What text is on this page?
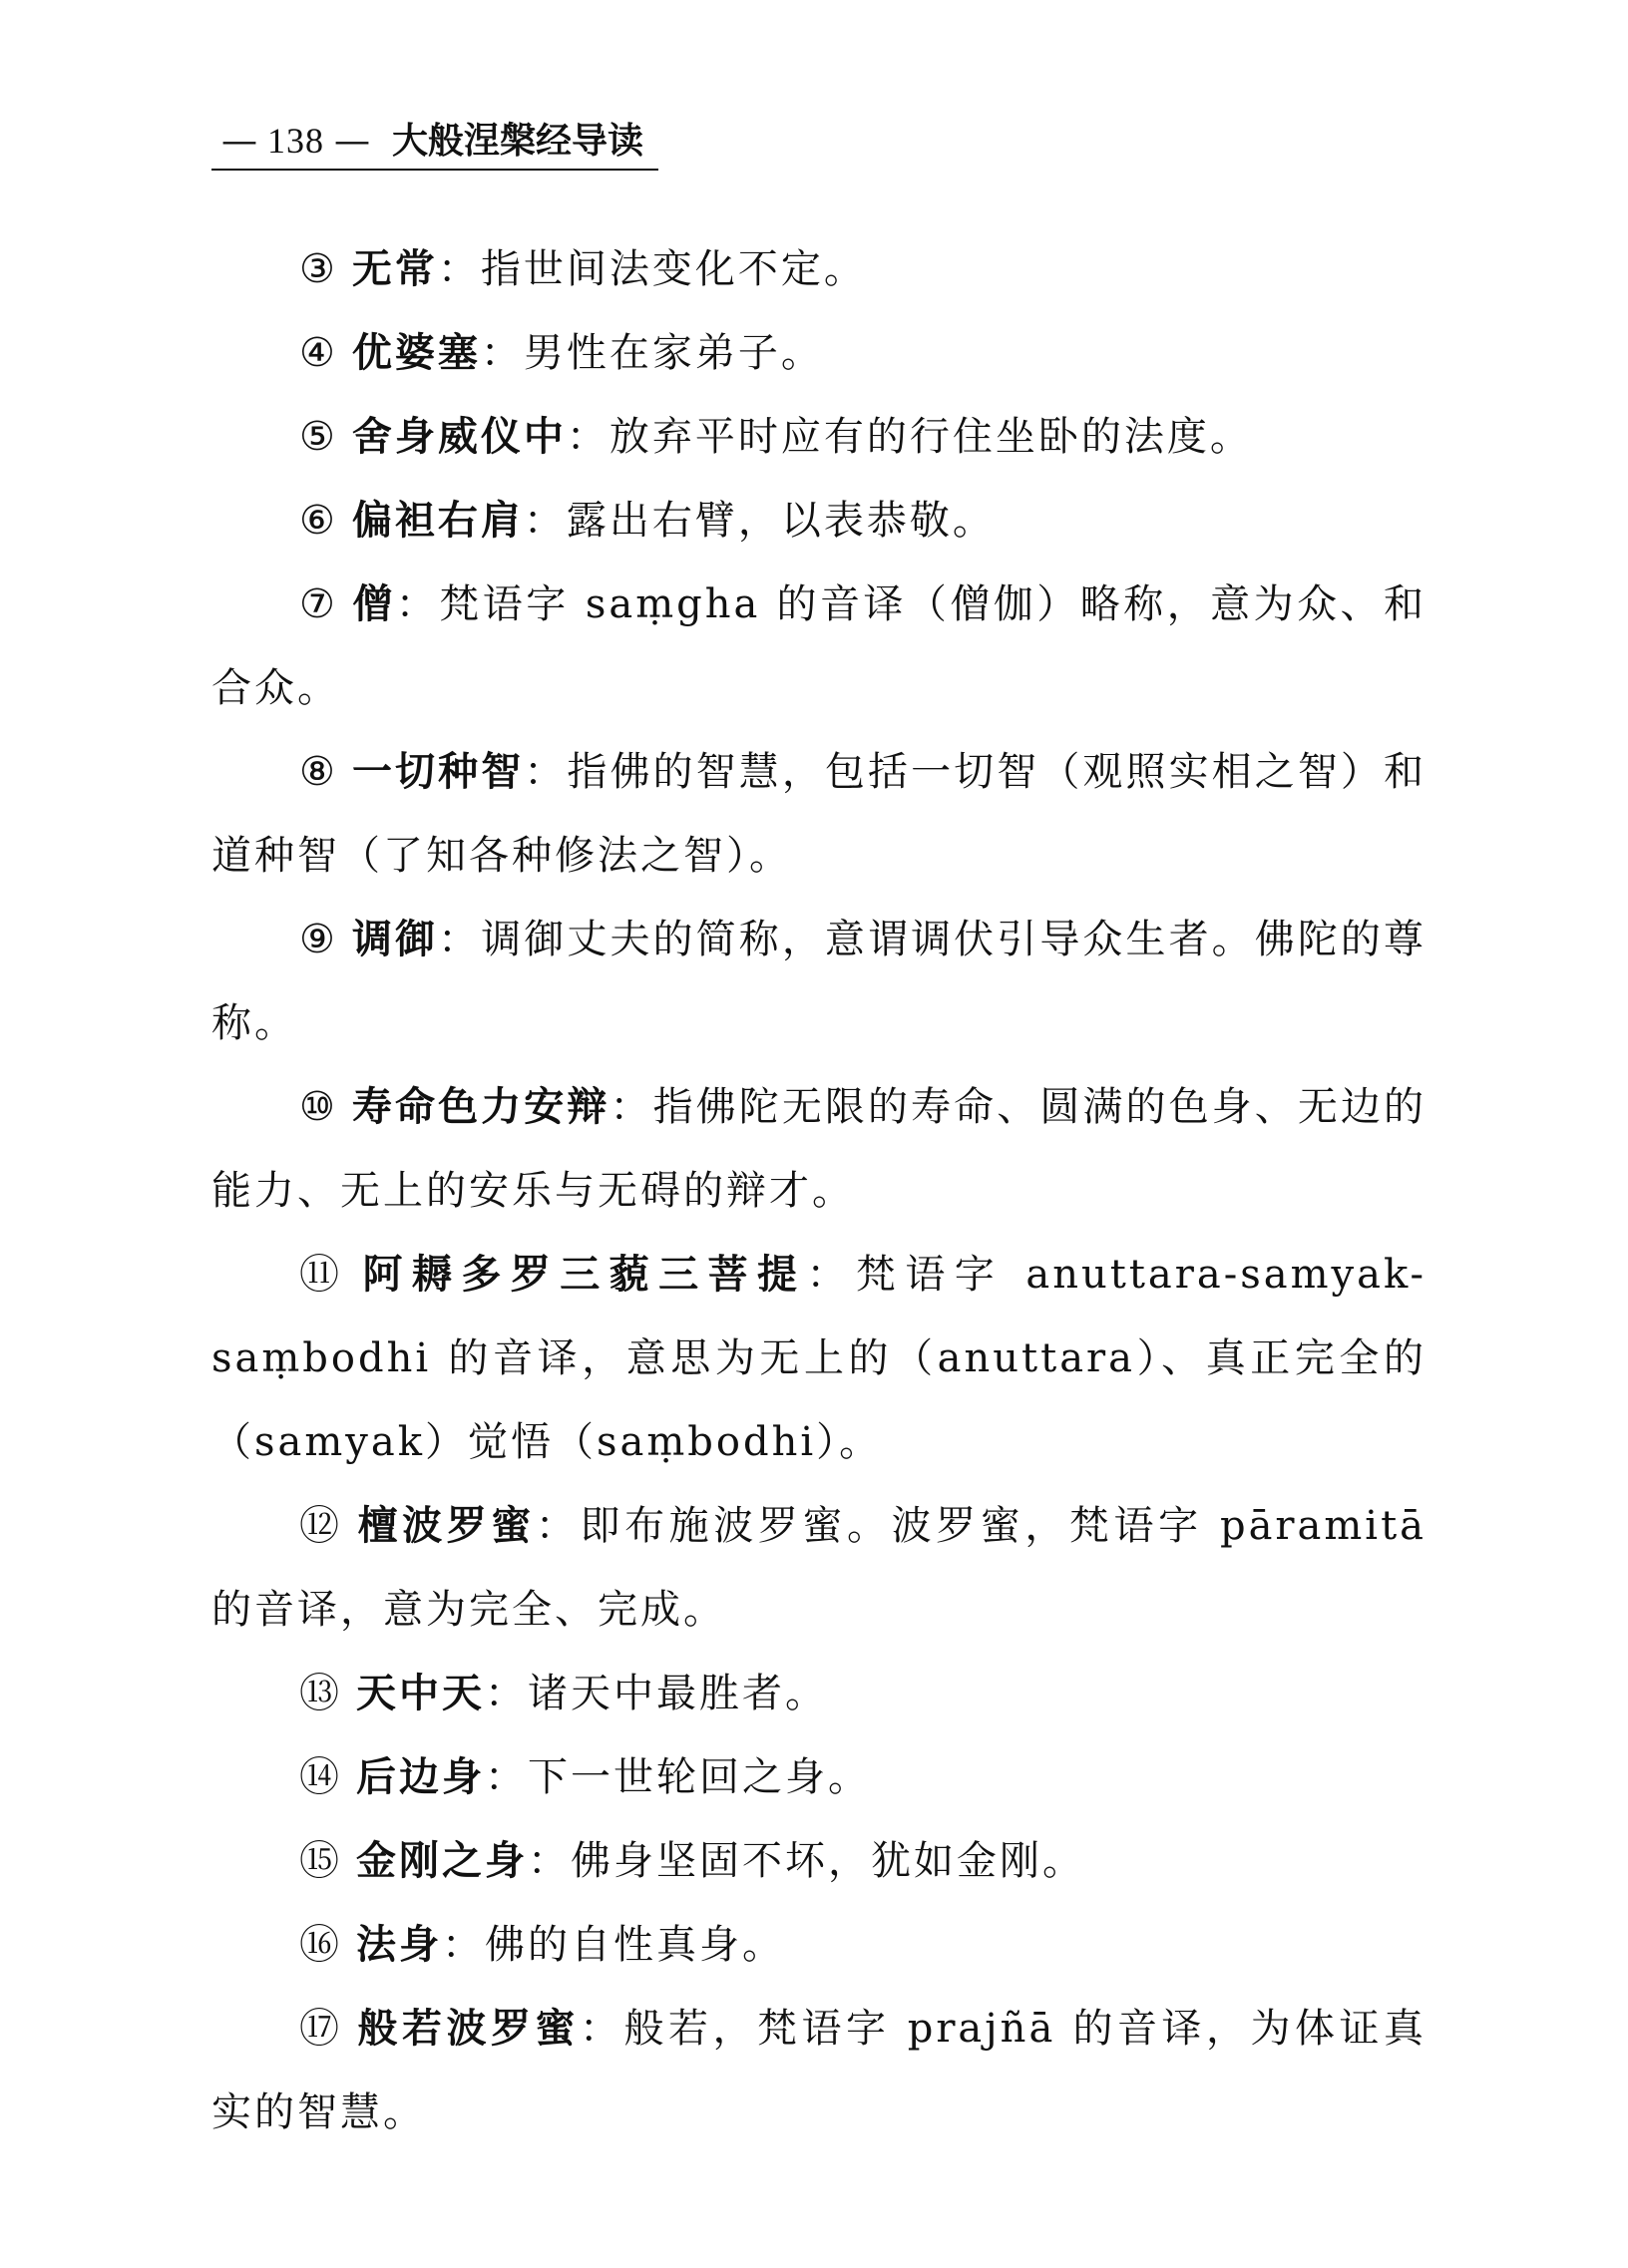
— 138 — 大般涅槃经导读

③ 无常：指世间法变化不定。

④ 优婆塞：男性在家弟子。

⑤ 舍身威仪中：放弃平时应有的行住坐卧的法度。

⑥ 偏袒右肩：露出右臂，以表恭敬。

⑦ 僧：梵语字 saṃgha 的音译（僧伽）略称，意为众、和合众。

⑧ 一切种智：指佛的智慧，包括一切智（观照实相之智）和道种智（了知各种修法之智）。

⑨ 调御：调御丈夫的简称，意谓调伏引导众生者。佛陀的尊称。

⑩ 寿命色力安辩：指佛陀无限的寿命、圆满的色身、无边的能力、无上的安乐与无碍的辩才。

⑪ 阿耨多罗三藐三菩提：梵语字 anuttara-samyak-saṃbodhi 的音译，意思为无上的（anuttara）、真正完全的（samyak）觉悟（saṃbodhi）。

⑫ 檀波罗蜜：即布施波罗蜜。波罗蜜，梵语字 pāramitā 的音译，意为完全、完成。

⑬ 天中天：诸天中最胜者。

⑭ 后边身：下一世轮回之身。

⑮ 金刚之身：佛身坚固不坏，犹如金刚。

⑯ 法身：佛的自性真身。

⑰ 般若波罗蜜：般若，梵语字 prajñā 的音译，为体证真实的智慧。
